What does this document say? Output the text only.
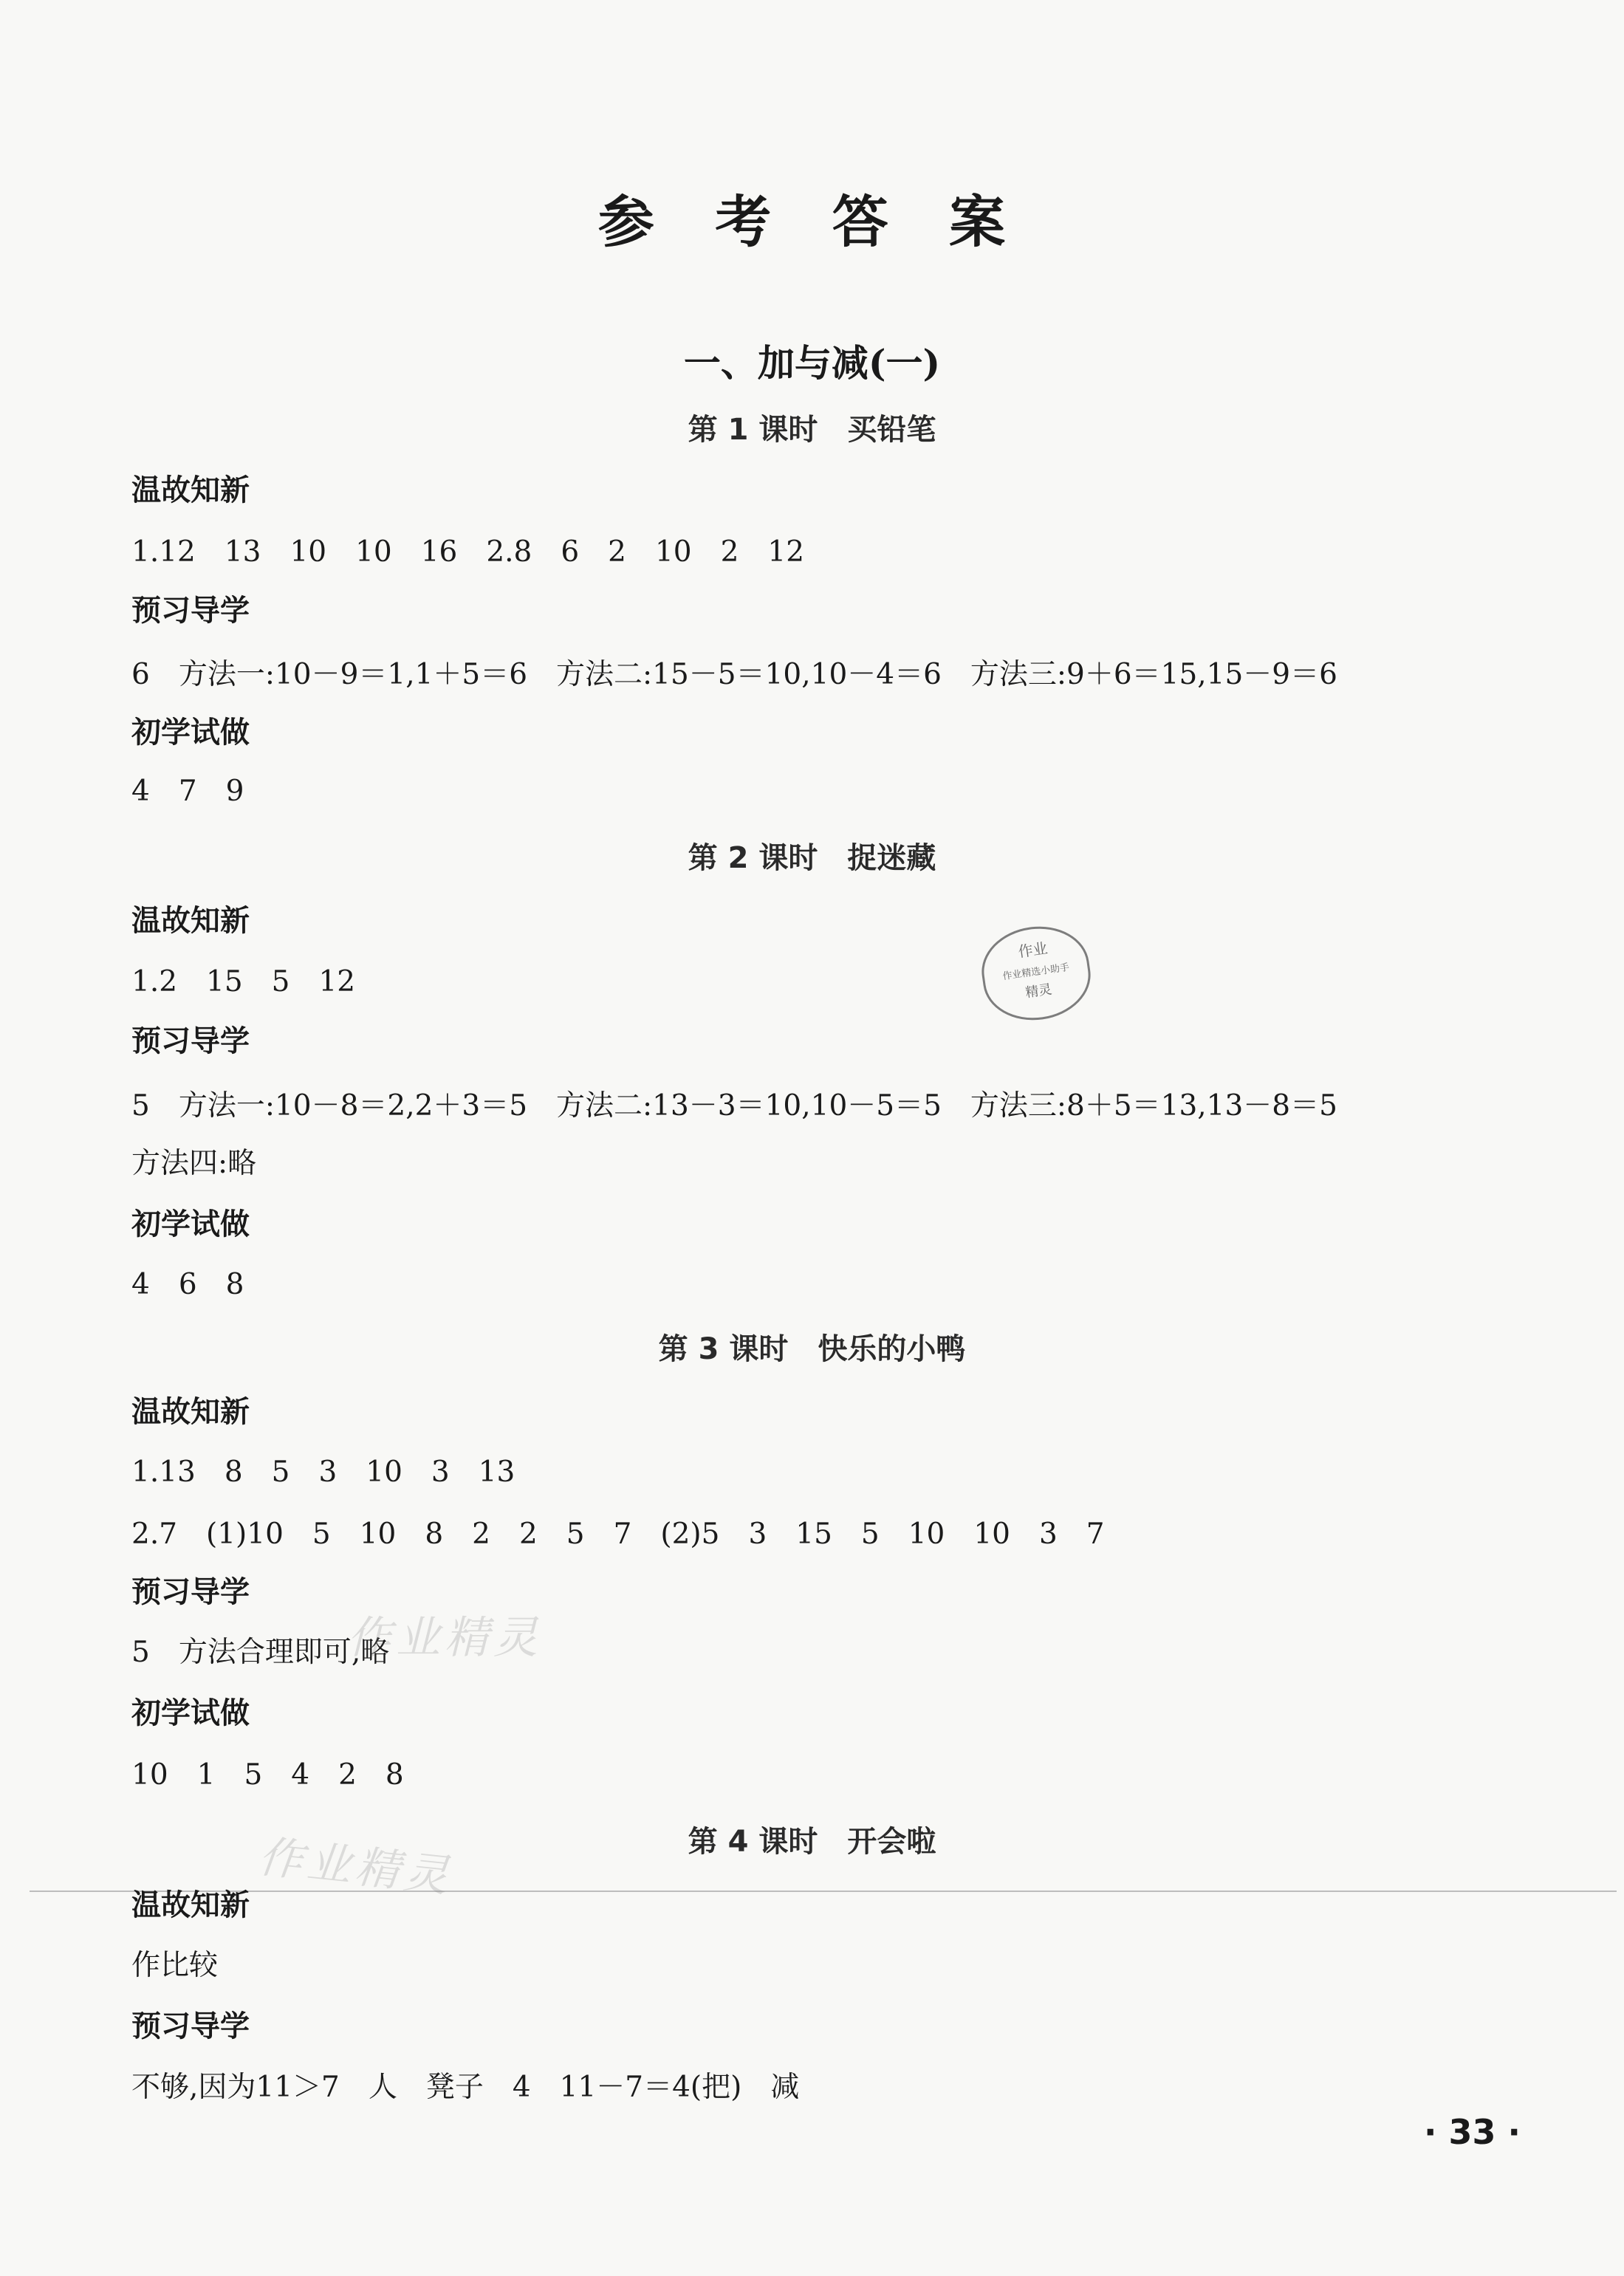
参 考 答 案
一、加与减(一)
第 1 课时 买铅笔
温故知新
1.12　13　10　10　16　2.8　6　2　10　2　12
预习导学
6　方法一:10－9＝1,1＋5＝6　方法二:15－5＝10,10－4＝6　方法三:9＋6＝15,15－9＝6
初学试做
4　7　9
第 2 课时 捉迷藏
温故知新
1.2　15　5　12
预习导学
5　方法一:10－8＝2,2＋3＝5　方法二:13－3＝10,10－5＝5　方法三:8＋5＝13,13－8＝5
方法四:略
初学试做
4　6　8
第 3 课时 快乐的小鸭
温故知新
1.13　8　5　3　10　3　13
2.7　(1)10　5　10　8　2　2　5　7　(2)5　3　15　5　10　10　3　7
预习导学
5　方法合理即可,略
初学试做
10　1　5　4　2　8
第 4 课时 开会啦
温故知新
作比较
预习导学
不够,因为11＞7　人　凳子　4　11－7＝4(把)　减
作业
作业精选小助手
精灵
作业精灵
作业精灵
· 33 ·
